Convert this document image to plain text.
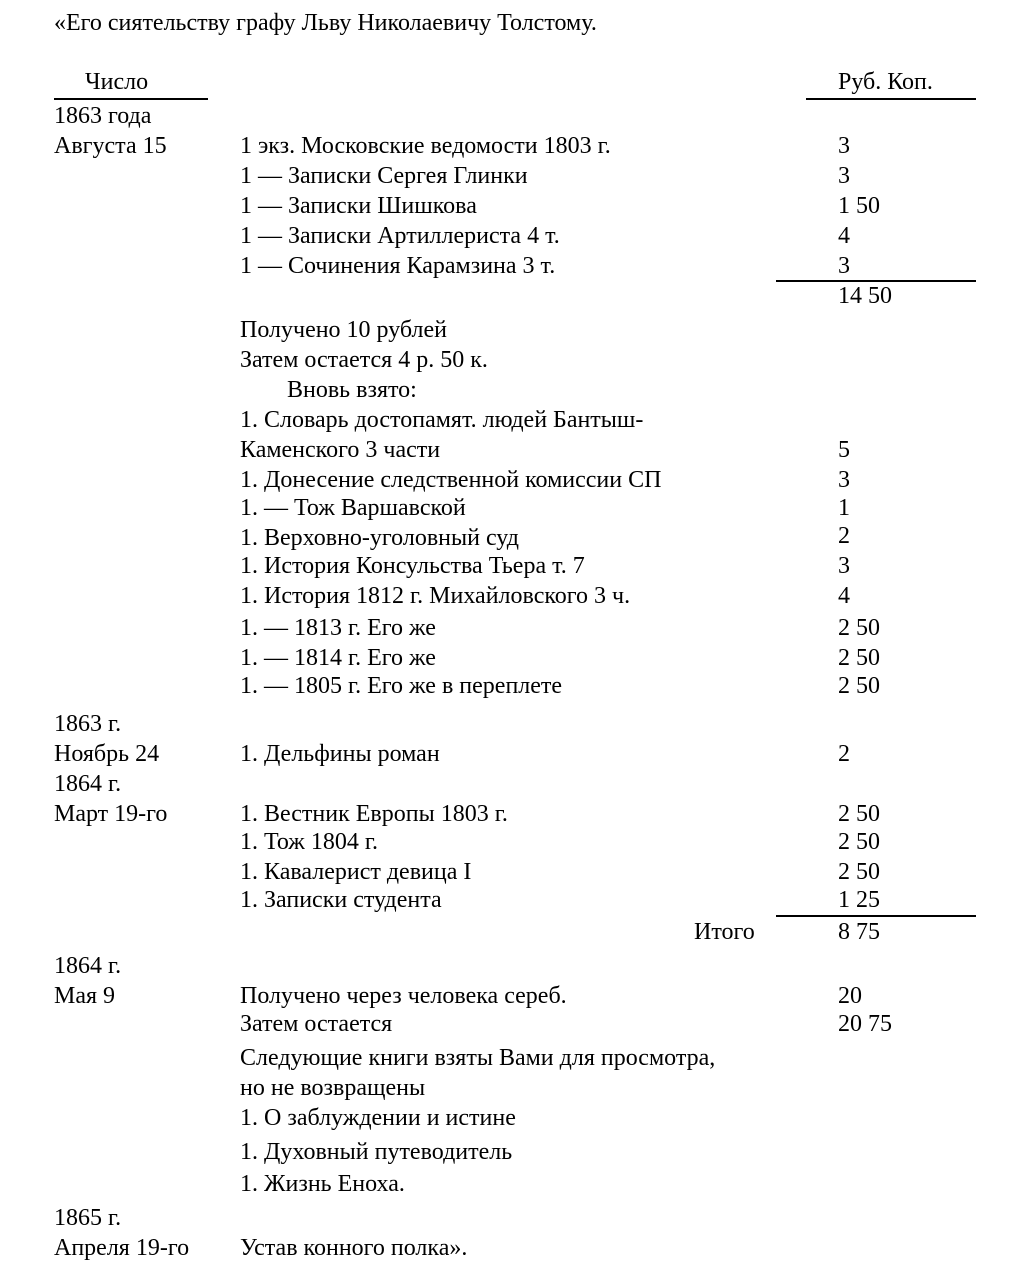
«Его сиятельству графу Льву Николаевичу Толстому.
Число	Руб. Коп.
1863 года
Августа 15	1 экз. Московские ведомости 1803 г.	3
1 — Записки Сергея Глинки	3
1 — Записки Шишкова	1 50
1 — Записки Артиллериста 4 т.	4
1 — Сочинения Карамзина 3 т.	3
14 50
Получено 10 рублей
Затем остается 4 р. 50 к.
Вновь взято:
1. Словарь достопамят. людей Бантыш-
Каменского 3 части	5
1. Донесение следственной комиссии СП	3
1. — Тож Варшавской	1
1. Верховно-уголовный суд	2
1. История Консульства Тьера т. 7	3
1. История 1812 г. Михайловского 3 ч.	4
1. — 1813 г. Его же	2 50
1. — 1814 г. Его же	2 50
1. — 1805 г. Его же в переплете	2 50
1863 г.
Ноябрь 24	1. Дельфины роман	2
1864 г.
Март 19-го	1. Вестник Европы 1803 г.	2 50
1. Тож 1804 г.	2 50
1. Кавалерист девица I	2 50
1. Записки студента	1 25
Итого	8 75
1864 г.
Мая 9	Получено через человека сереб.	20
Затем остается	20 75
Следующие книги взяты Вами для просмотра,
но не возвращены
1. О заблуждении и истине
1. Духовный путеводитель
1. Жизнь Еноха.
1865 г.
Апреля 19-го Устав конного полка».
